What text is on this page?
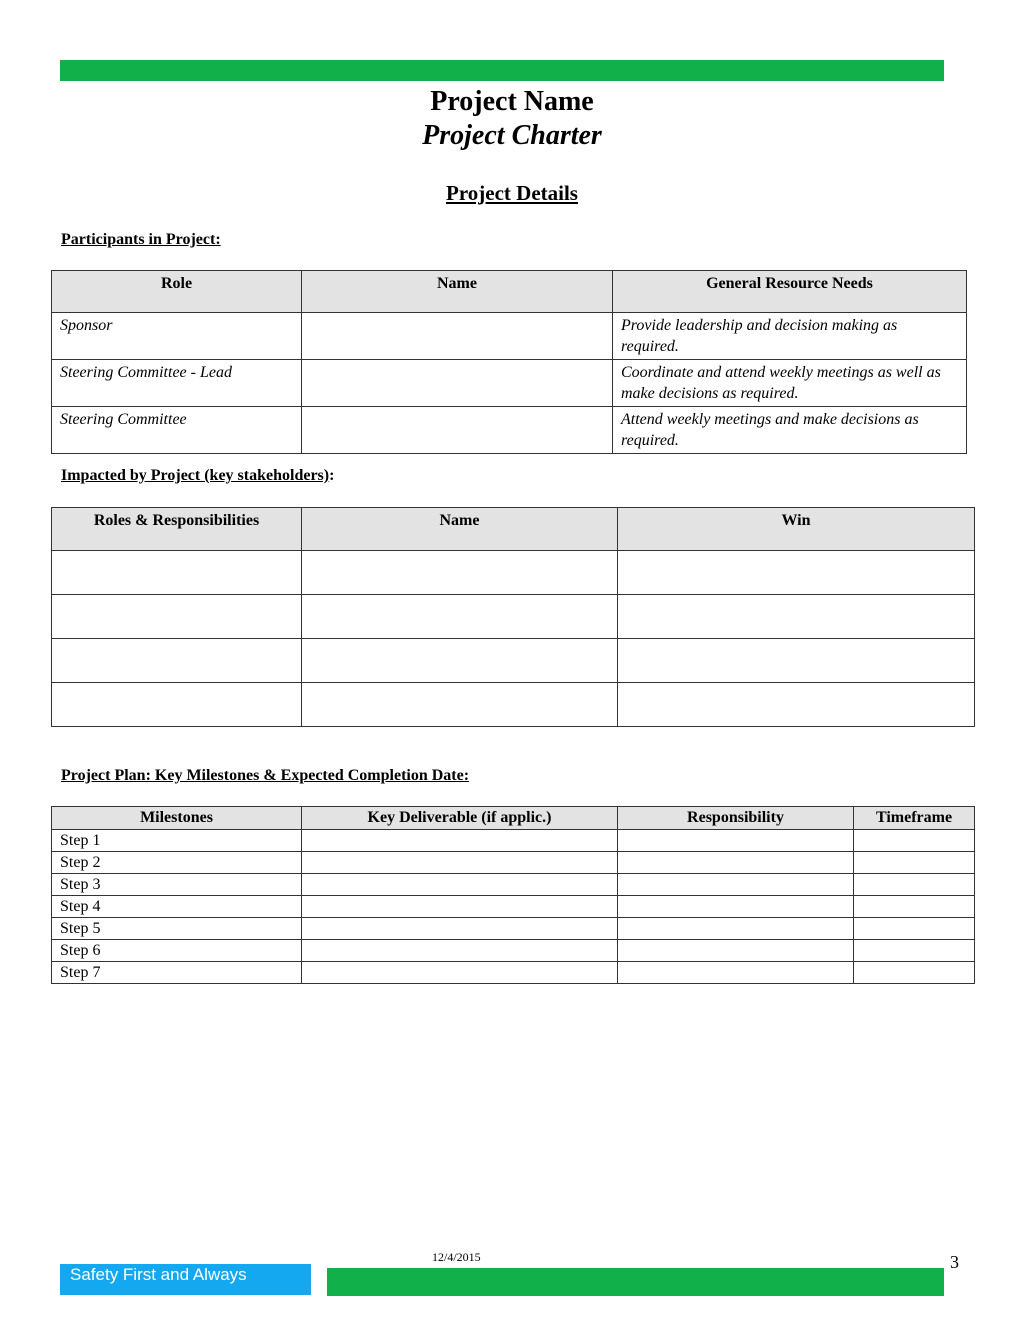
Project Name
Project Charter
Project Details
Participants in Project:
Role	Name	General Resource Needs
Sponsor		Provide leadership and decision making as required.
Steering Committee - Lead		Coordinate and attend weekly meetings as well as make decisions as required.
Steering Committee		Attend weekly meetings and make decisions as required.
Impacted by Project (key stakeholders):
Roles & Responsibilities	Name	Win

Project Plan: Key Milestones & Expected Completion Date:
Milestones	Key Deliverable (if applic.)	Responsibility	Timeframe
Step 1			
Step 2			
Step 3			
Step 4			
Step 5			
Step 6			
Step 7			
12/4/2015	3
Safety First and Always
